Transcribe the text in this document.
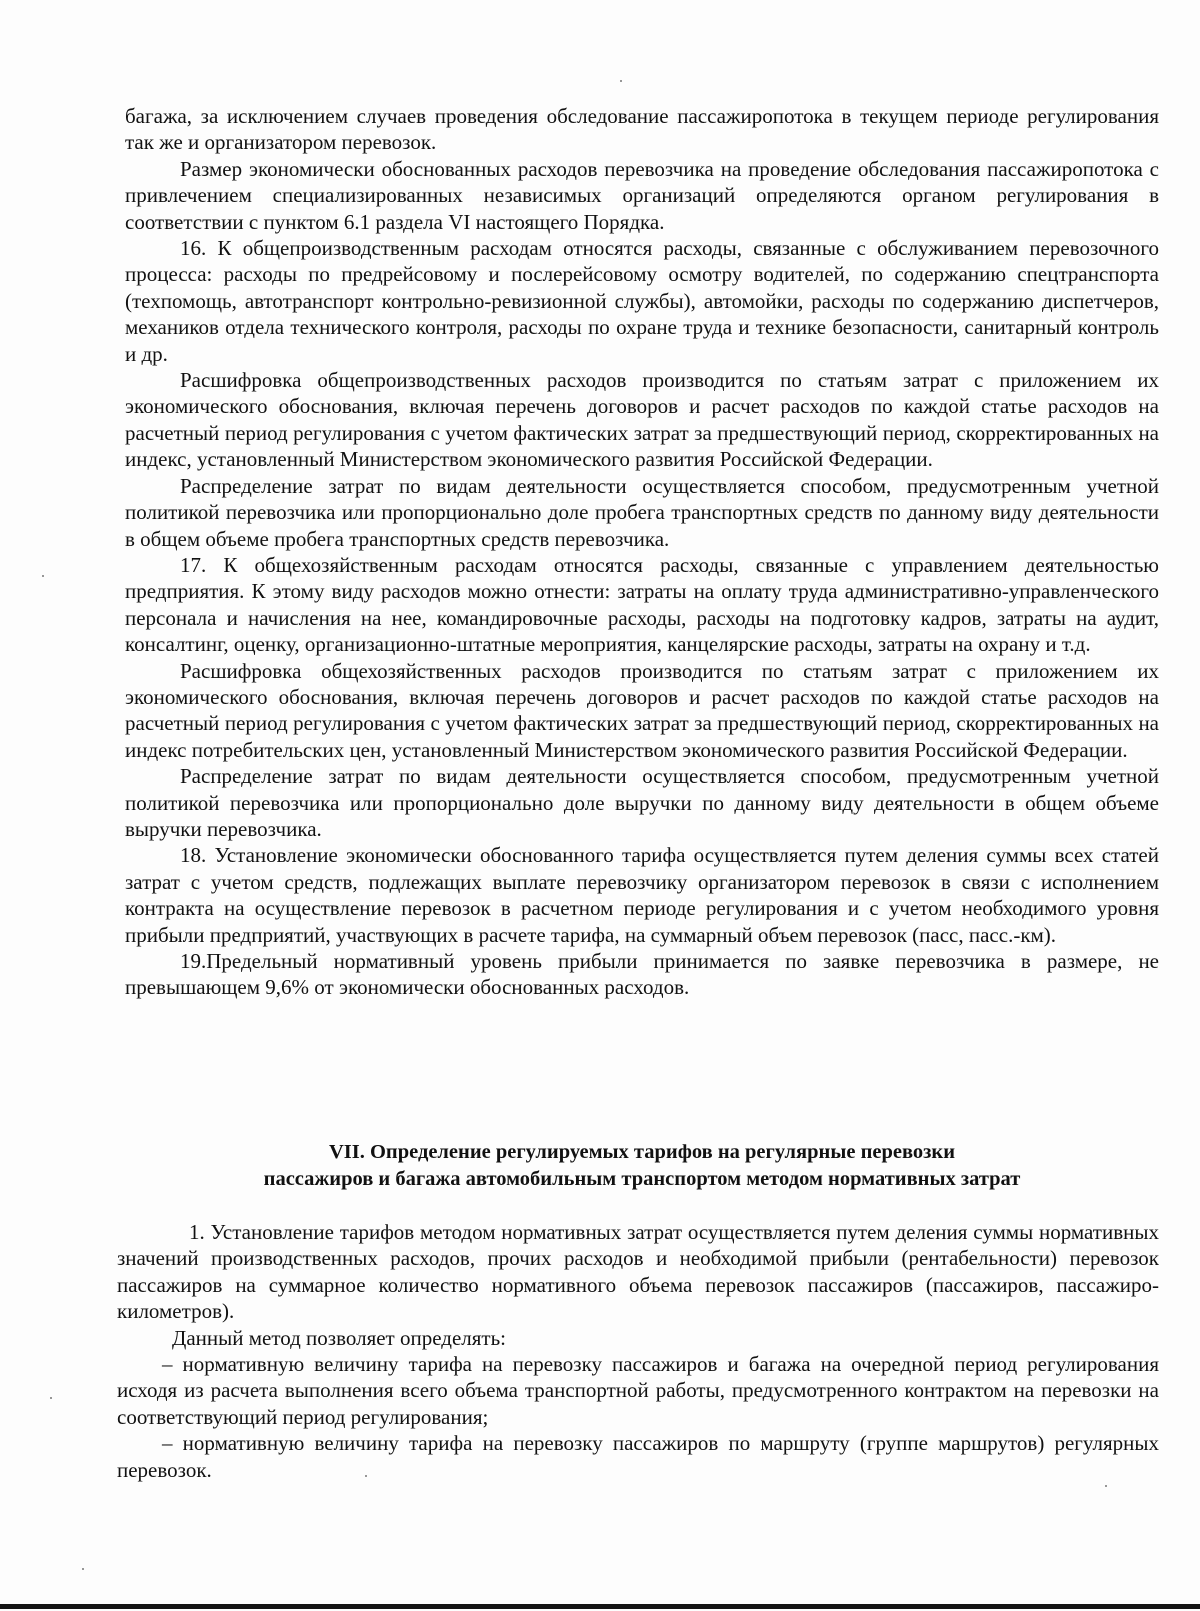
багажа, за исключением случаев проведения обследование пассажиропотока в текущем периоде регулирования так же и организатором перевозок.

Размер экономически обоснованных расходов перевозчика на проведение обследования пассажиропотока с привлечением специализированных независимых организаций определяются органом регулирования в соответствии с пунктом 6.1 раздела VI настоящего Порядка.

16. К общепроизводственным расходам относятся расходы, связанные с обслуживанием перевозочного процесса: расходы по предрейсовому и послерейсовому осмотру водителей, по содержанию спецтранспорта (техпомощь, автотранспорт контрольно-ревизионной службы), автомойки, расходы по содержанию диспетчеров, механиков отдела технического контроля, расходы по охране труда и технике безопасности, санитарный контроль и др.

Расшифровка общепроизводственных расходов производится по статьям затрат с приложением их экономического обоснования, включая перечень договоров и расчет расходов по каждой статье расходов на расчетный период регулирования с учетом фактических затрат за предшествующий период, скорректированных на индекс, установленный Министерством экономического развития Российской Федерации.

Распределение затрат по видам деятельности осуществляется способом, предусмотренным учетной политикой перевозчика или пропорционально доле пробега транспортных средств по данному виду деятельности в общем объеме пробега транспортных средств перевозчика.

17. К общехозяйственным расходам относятся расходы, связанные с управлением деятельностью предприятия. К этому виду расходов можно отнести: затраты на оплату труда административно-управленческого персонала и начисления на нее, командировочные расходы, расходы на подготовку кадров, затраты на аудит, консалтинг, оценку, организационно-штатные мероприятия, канцелярские расходы, затраты на охрану и т.д.

Расшифровка общехозяйственных расходов производится по статьям затрат с приложением их экономического обоснования, включая перечень договоров и расчет расходов по каждой статье расходов на расчетный период регулирования с учетом фактических затрат за предшествующий период, скорректированных на индекс потребительских цен, установленный Министерством экономического развития Российской Федерации.

Распределение затрат по видам деятельности осуществляется способом, предусмотренным учетной политикой перевозчика или пропорционально доле выручки по данному виду деятельности в общем объеме выручки перевозчика.

18. Установление экономически обоснованного тарифа осуществляется путем деления суммы всех статей затрат с учетом средств, подлежащих выплате перевозчику организатором перевозок в связи с исполнением контракта на осуществление перевозок в расчетном периоде регулирования и с учетом необходимого уровня прибыли предприятий, участвующих в расчете тарифа, на суммарный объем перевозок (пасс, пасс.-км).

19.Предельный нормативный уровень прибыли принимается по заявке перевозчика в размере, не превышающем 9,6% от экономически обоснованных расходов.

VII. Определение регулируемых тарифов на регулярные перевозки
пассажиров и багажа автомобильным транспортом методом нормативных затрат

1. Установление тарифов методом нормативных затрат осуществляется путем деления суммы нормативных значений производственных расходов, прочих расходов и необходимой прибыли (рентабельности) перевозок пассажиров на суммарное количество нормативного объема перевозок пассажиров (пассажиров, пассажиро-километров).

Данный метод позволяет определять:

– нормативную величину тарифа на перевозку пассажиров и багажа на очередной период регулирования исходя из расчета выполнения всего объема транспортной работы, предусмотренного контрактом на перевозки на соответствующий период регулирования;

– нормативную величину тарифа на перевозку пассажиров по маршруту (группе маршрутов) регулярных перевозок.
